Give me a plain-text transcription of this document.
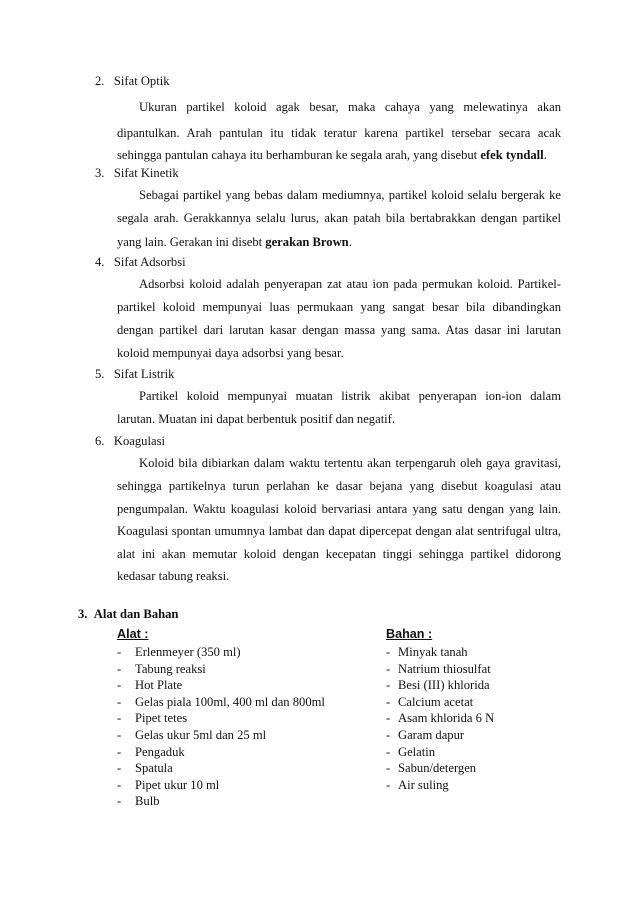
2. Sifat Optik
Ukuran partikel koloid agak besar, maka cahaya yang melewatinya akan
dipantulkan. Arah pantulan itu tidak teratur karena partikel tersebar secara acak
sehingga pantulan cahaya itu berhamburan ke segala arah, yang disebut efek tyndall.
3. Sifat Kinetik
Sebagai partikel yang bebas dalam mediumnya, partikel koloid selalu bergerak ke
segala arah. Gerakkannya selalu lurus, akan patah bila bertabrakkan dengan partikel
yang lain. Gerakan ini disebt gerakan Brown.
4. Sifat Adsorbsi
Adsorbsi koloid adalah penyerapan zat atau ion pada permukan koloid. Partikel-
partikel koloid mempunyai luas permukaan yang sangat besar bila dibandingkan
dengan partikel dari larutan kasar dengan massa yang sama. Atas dasar ini larutan
koloid mempunyai daya adsorbsi yang besar.
5. Sifat Listrik
Partikel koloid mempunyai muatan listrik akibat penyerapan ion-ion dalam
larutan. Muatan ini dapat berbentuk positif dan negatif.
6. Koagulasi
Koloid bila dibiarkan dalam waktu tertentu akan terpengaruh oleh gaya gravitasi,
sehingga partikelnya turun perlahan ke dasar bejana yang disebut koagulasi atau
pengumpalan. Waktu koagulasi koloid bervariasi antara yang satu dengan yang lain.
Koagulasi spontan umumnya lambat dan dapat dipercepat dengan alat sentrifugal ultra,
alat ini akan memutar koloid dengan kecepatan tinggi sehingga partikel didorong
kedasar tabung reaksi.
3. Alat dan Bahan
Alat :
-	Erlenmeyer (350 ml)
-	Tabung reaksi
-	Hot Plate
-	Gelas piala 100ml, 400 ml dan 800ml
-	Pipet tetes
-	Gelas ukur 5ml dan 25 ml
-	Pengaduk
-	Spatula
-	Pipet ukur 10 ml
-	Bulb
Bahan :
- Minyak tanah
- Natrium thiosulfat
- Besi (III) khlorida
- Calcium acetat
- Asam khlorida 6 N
- Garam dapur
- Gelatin
- Sabun/detergen
- Air suling
